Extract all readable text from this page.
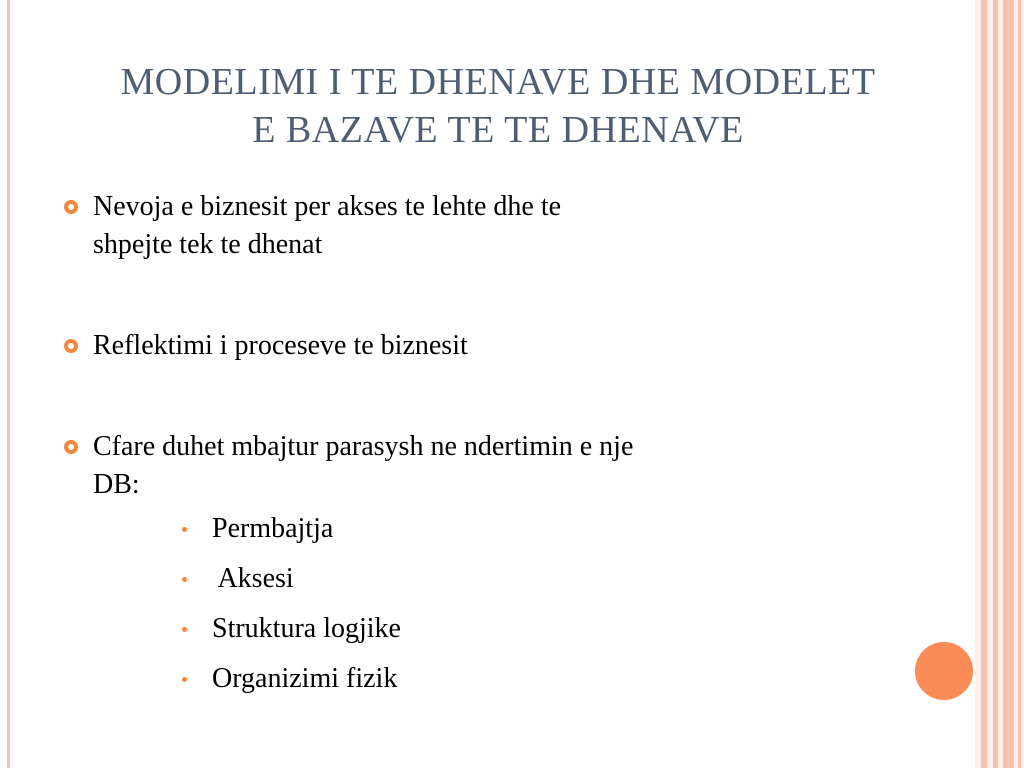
MODELIMI I TE DHENAVE DHE MODELET
E BAZAVE TE TE DHENAVE
Nevoja e biznesit per akses te lehte dhe te
shpejte tek te dhenat
Reflektimi i proceseve te biznesit
Cfare duhet mbajtur parasysh ne ndertimin e nje
DB:
Permbajtja
Aksesi
Struktura logjike
Organizimi fizik
